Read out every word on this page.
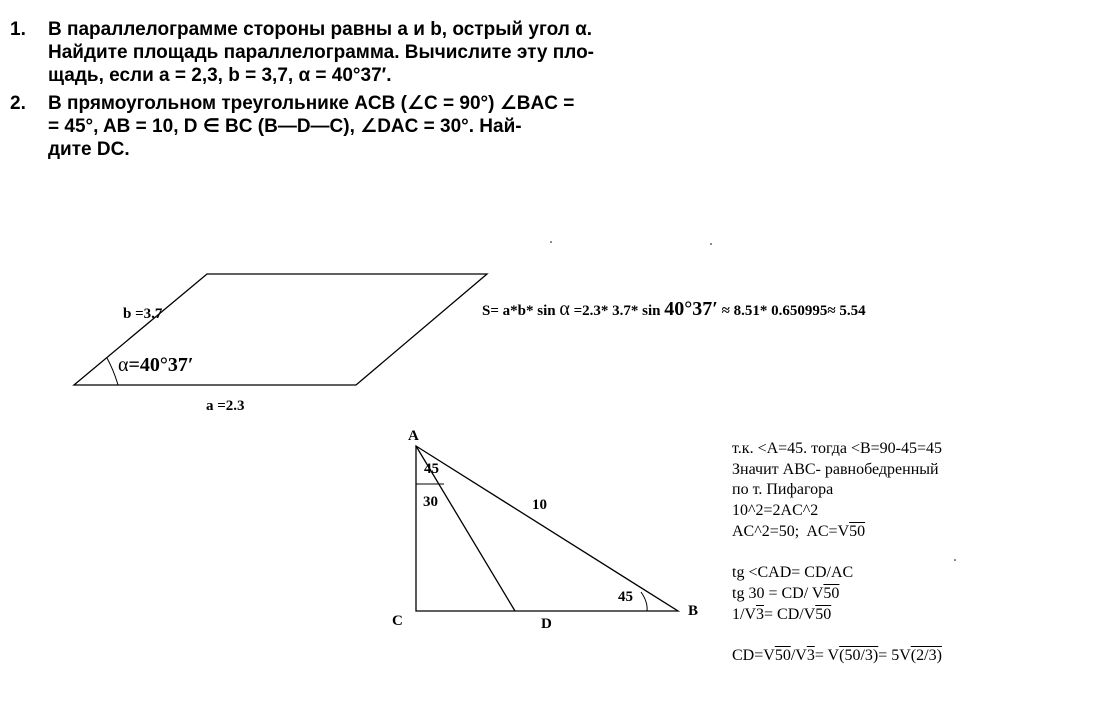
1.	В параллелограмме стороны равны a и b, острый угол α.
Найдите площадь параллелограмма. Вычислите эту пло-
щадь, если a = 2,3, b = 3,7, α = 40°37′.
2.	В прямоугольном треугольнике ACB (∠C = 90°) ∠BAC =
= 45°, AB = 10, D ∈ BC (B—D—C), ∠DAC = 30°. Най-
дите DC.
b =3.7
α=40°37′
a =2.3
S= a*b* sin α =2.3* 3.7* sin 40°37′ ≈ 8.51* 0.650995≈ 5.54
A
45
30	10
45
B
C	D
т.к. <A=45. тогда <B=90-45=45
Значит ABC- равнобедренный
по т. Пифагора
10^2=2AC^2
AC^2=50;  AC=V50
tg <CAD= CD/AC
tg 30 = CD/ V50
1/V3= CD/V50
CD=V50/V3= V(50/3)= 5V(2/3)
